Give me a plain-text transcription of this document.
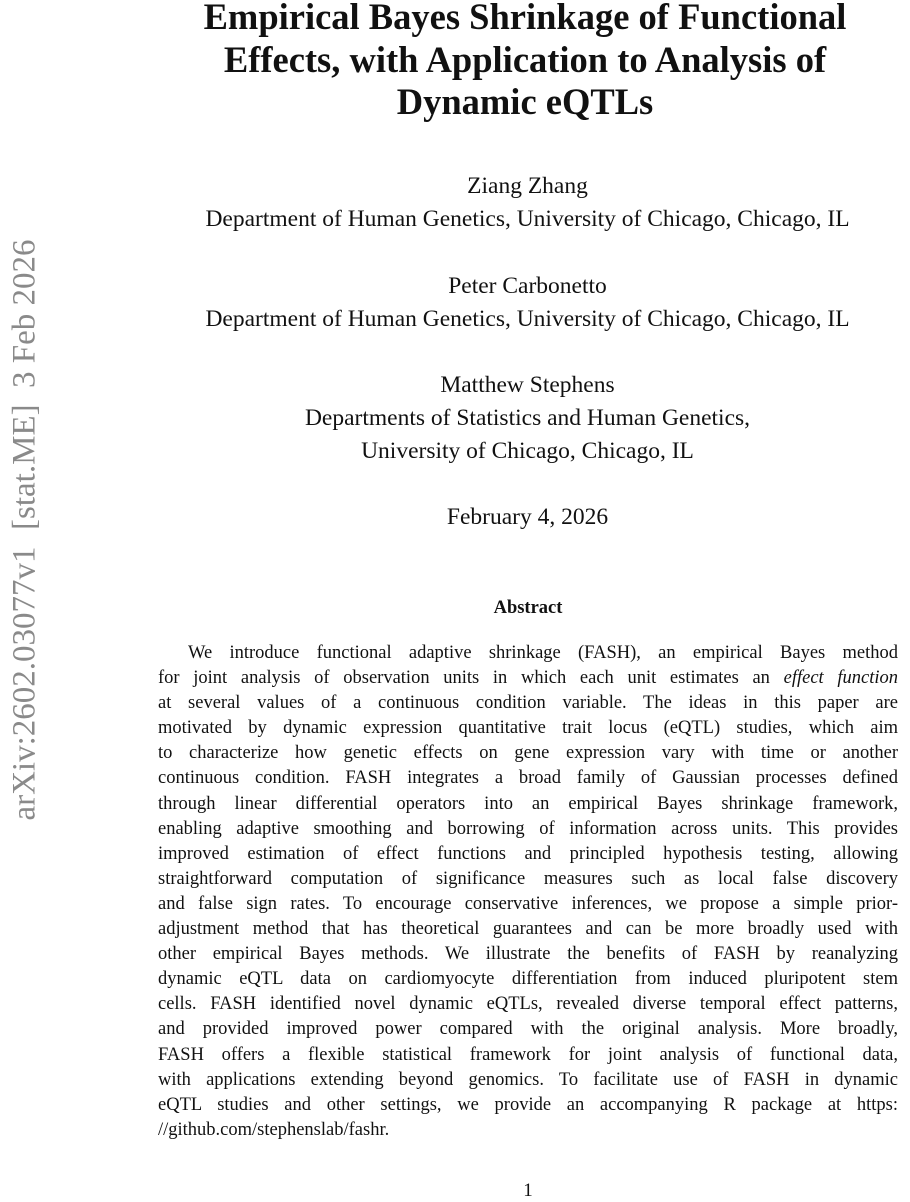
arXiv:2602.03077v1  [stat.ME]  3 Feb 2026
Empirical Bayes Shrinkage of Functional
Effects, with Application to Analysis of
Dynamic eQTLs
Ziang Zhang
Department of Human Genetics, University of Chicago, Chicago, IL
Peter Carbonetto
Department of Human Genetics, University of Chicago, Chicago, IL
Matthew Stephens
Departments of Statistics and Human Genetics,
University of Chicago, Chicago, IL
February 4, 2026
Abstract
We introduce functional adaptive shrinkage (FASH), an empirical Bayes method
for joint analysis of observation units in which each unit estimates an effect function
at several values of a continuous condition variable. The ideas in this paper are
motivated by dynamic expression quantitative trait locus (eQTL) studies, which aim
to characterize how genetic effects on gene expression vary with time or another
continuous condition. FASH integrates a broad family of Gaussian processes defined
through linear differential operators into an empirical Bayes shrinkage framework,
enabling adaptive smoothing and borrowing of information across units. This provides
improved estimation of effect functions and principled hypothesis testing, allowing
straightforward computation of significance measures such as local false discovery
and false sign rates. To encourage conservative inferences, we propose a simple prior-
adjustment method that has theoretical guarantees and can be more broadly used with
other empirical Bayes methods. We illustrate the benefits of FASH by reanalyzing
dynamic eQTL data on cardiomyocyte differentiation from induced pluripotent stem
cells. FASH identified novel dynamic eQTLs, revealed diverse temporal effect patterns,
and provided improved power compared with the original analysis. More broadly,
FASH offers a flexible statistical framework for joint analysis of functional data,
with applications extending beyond genomics. To facilitate use of FASH in dynamic
eQTL studies and other settings, we provide an accompanying R package at https:
//github.com/stephenslab/fashr.
1
